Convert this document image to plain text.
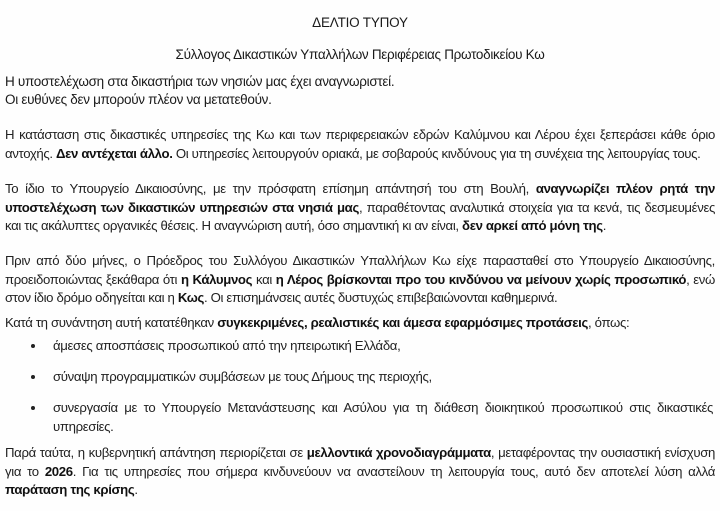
ΔΕΛΤΙΟ ΤΥΠΟΥ
Σύλλογος Δικαστικών Υπαλλήλων Περιφέρειας Πρωτοδικείου Κω
Η υποστελέχωση στα δικαστήρια των νησιών μας έχει αναγνωριστεί.
Οι ευθύνες δεν μπορούν πλέον να μετατεθούν.
Η κατάσταση στις δικαστικές υπηρεσίες της Κω και των περιφερειακών εδρών Καλύμνου και Λέρου έχει ξεπεράσει κάθε όριο αντοχής. Δεν αντέχεται άλλο. Οι υπηρεσίες λειτουργούν οριακά, με σοβαρούς κινδύνους για τη συνέχεια της λειτουργίας τους.
Το ίδιο το Υπουργείο Δικαιοσύνης, με την πρόσφατη επίσημη απάντησή του στη Βουλή, αναγνωρίζει πλέον ρητά την υποστελέχωση των δικαστικών υπηρεσιών στα νησιά μας, παραθέτοντας αναλυτικά στοιχεία για τα κενά, τις δεσμευμένες και τις ακάλυπτες οργανικές θέσεις. Η αναγνώριση αυτή, όσο σημαντική κι αν είναι, δεν αρκεί από μόνη της.
Πριν από δύο μήνες, ο Πρόεδρος του Συλλόγου Δικαστικών Υπαλλήλων Κω είχε παρασταθεί στο Υπουργείο Δικαιοσύνης, προειδοποιώντας ξεκάθαρα ότι η Κάλυμνος και η Λέρος βρίσκονται προ του κινδύνου να μείνουν χωρίς προσωπικό, ενώ στον ίδιο δρόμο οδηγείται και η Κως. Οι επισημάνσεις αυτές δυστυχώς επιβεβαιώνονται καθημερινά.
Κατά τη συνάντηση αυτή κατατέθηκαν συγκεκριμένες, ρεαλιστικές και άμεσα εφαρμόσιμες προτάσεις, όπως:
άμεσες αποσπάσεις προσωπικού από την ηπειρωτική Ελλάδα,
σύναψη προγραμματικών συμβάσεων με τους Δήμους της περιοχής,
συνεργασία με το Υπουργείο Μετανάστευσης και Ασύλου για τη διάθεση διοικητικού προσωπικού στις δικαστικές υπηρεσίες.
Παρά ταύτα, η κυβερνητική απάντηση περιορίζεται σε μελλοντικά χρονοδιαγράμματα, μεταφέροντας την ουσιαστική ενίσχυση για το 2026. Για τις υπηρεσίες που σήμερα κινδυνεύουν να αναστείλουν τη λειτουργία τους, αυτό δεν αποτελεί λύση αλλά παράταση της κρίσης.
